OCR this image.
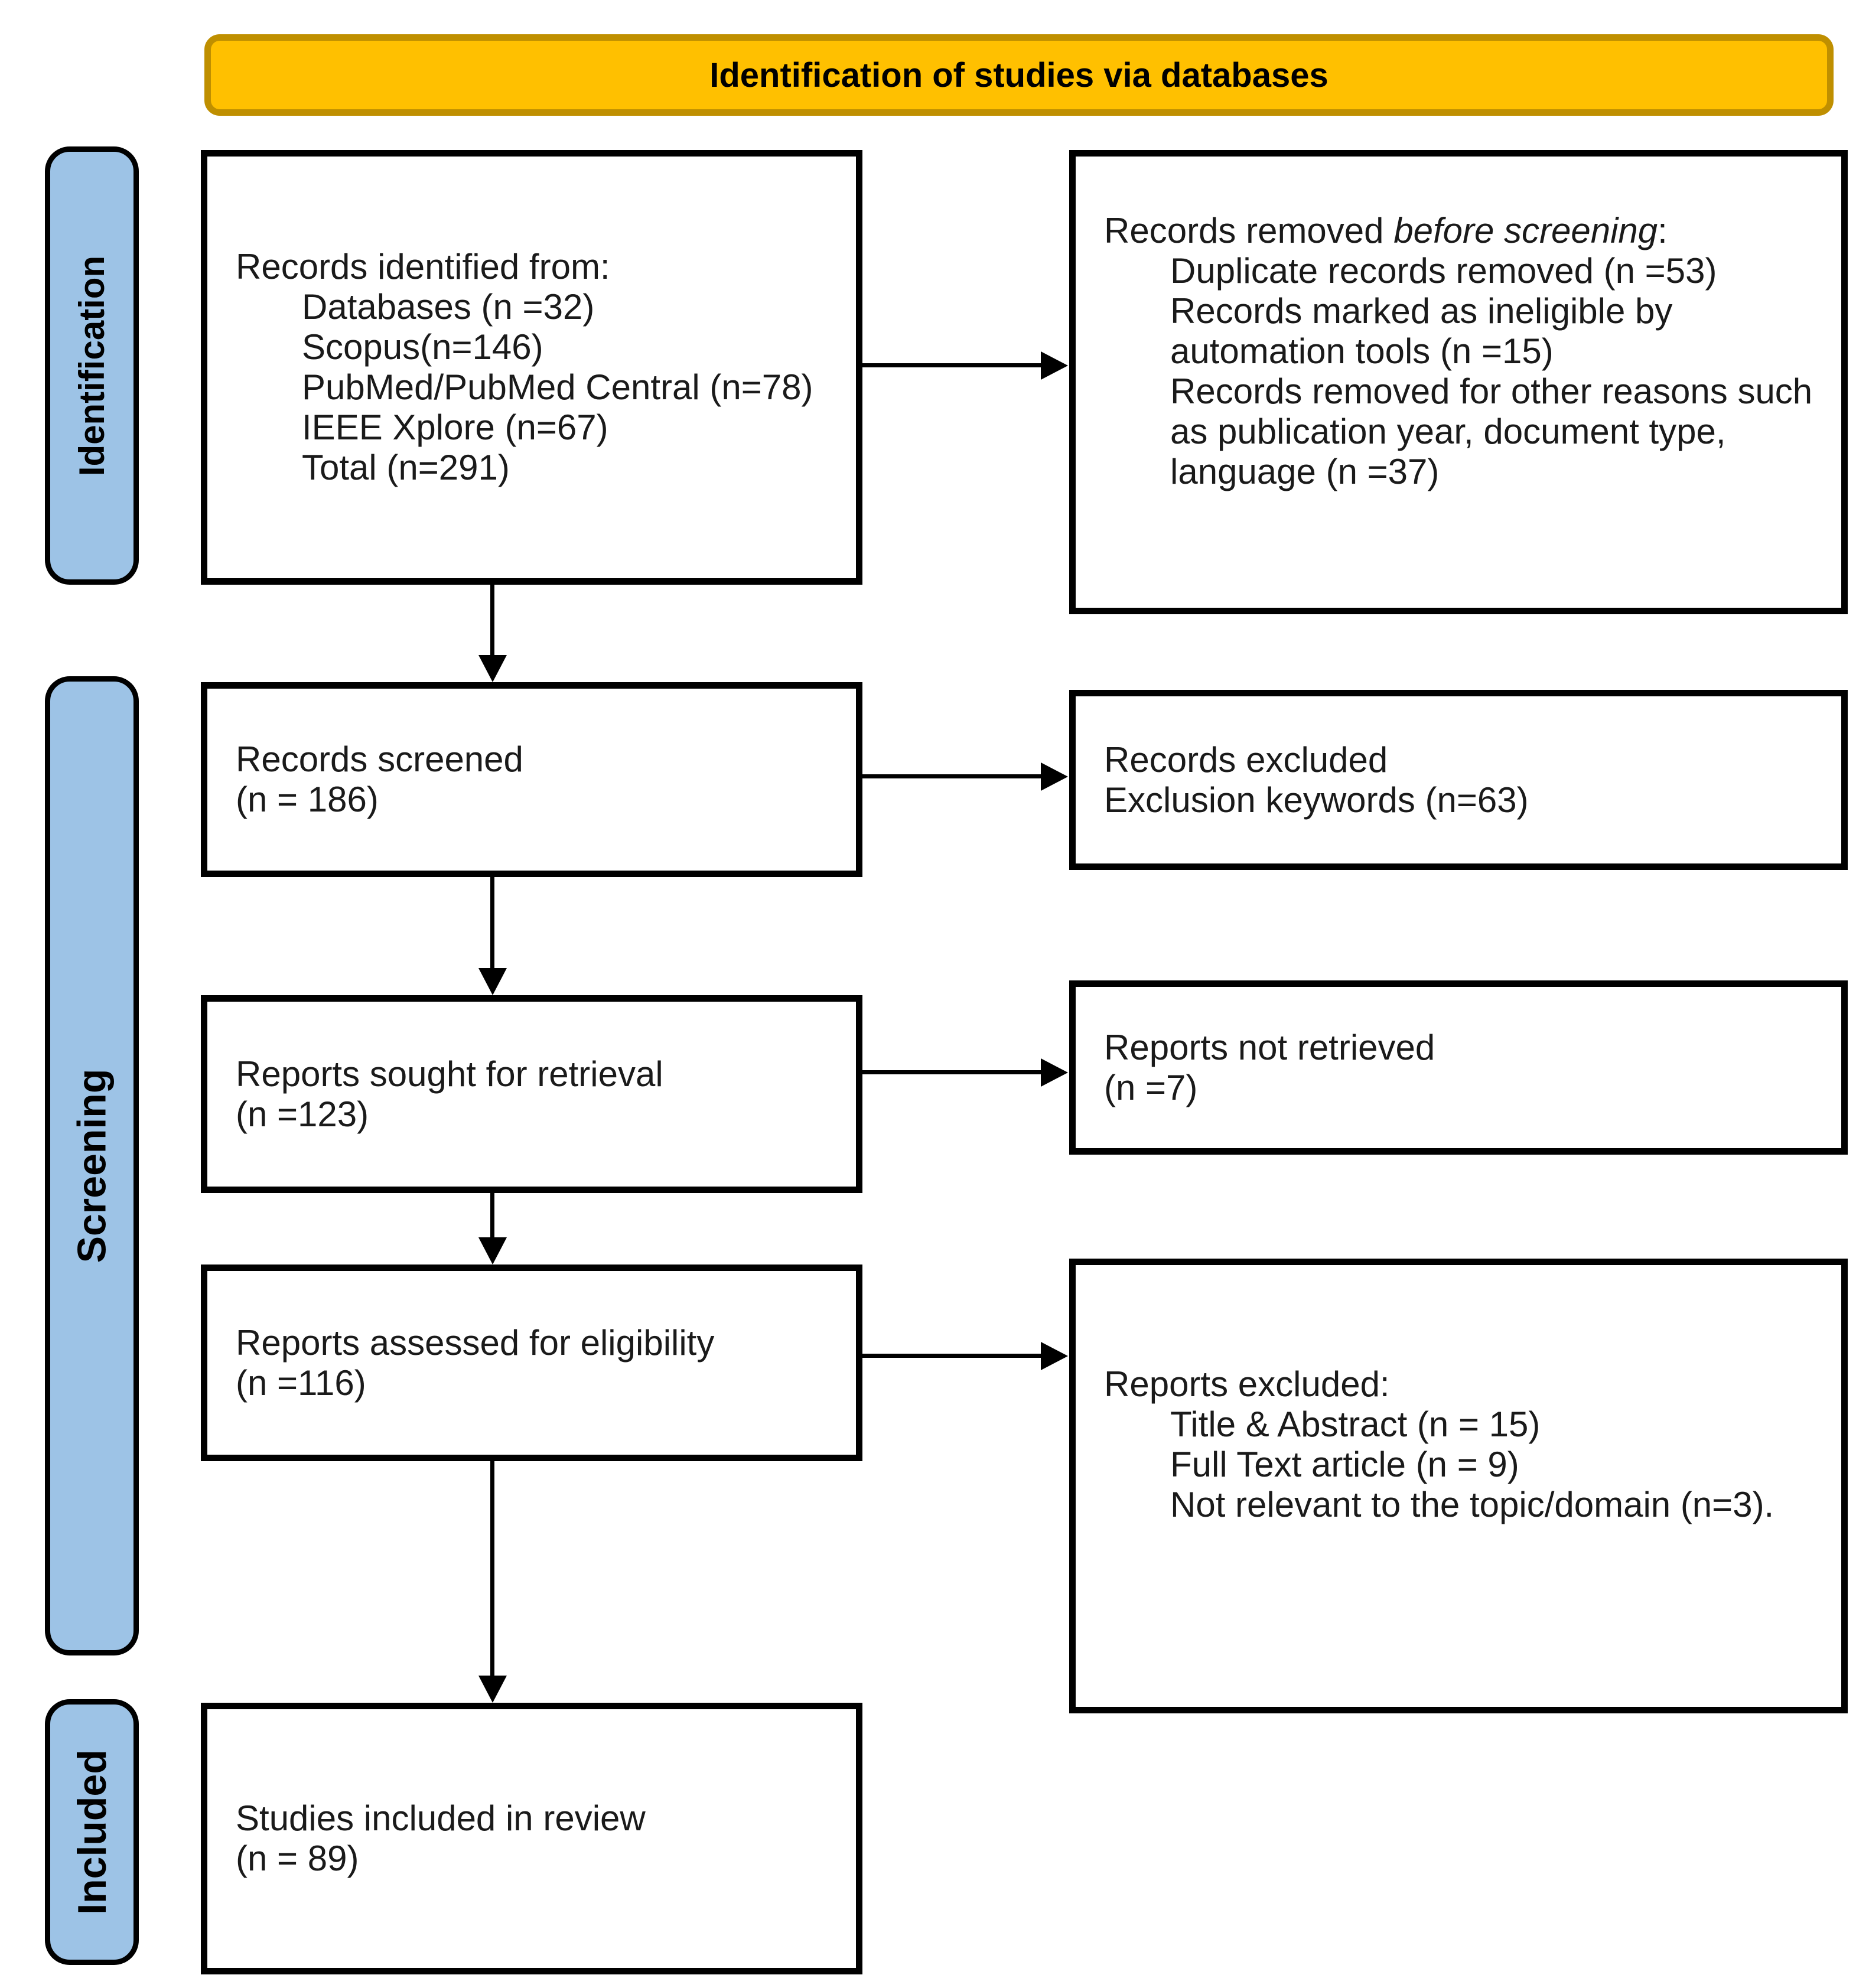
Identification of studies via databases
Identification
Screening
Included
Records identified from:
Databases (n =32)
Scopus(n=146)
PubMed/PubMed Central (n=78)
IEEE Xplore (n=67)
Total (n=291)
Records screened
(n = 186)
Reports sought for retrieval
(n =123)
Reports assessed for eligibility
(n =116)
Studies included in review
(n = 89)
Records removed before screening:
Duplicate records removed (n =53)
Records marked as ineligible by automation tools (n =15)
Records removed for other reasons such as publication year, document type, language (n =37)
Records excluded
Exclusion keywords (n=63)
Reports not retrieved
(n =7)
Reports excluded:
Title & Abstract (n = 15)
Full Text article (n = 9)
Not relevant to the topic/domain (n=3).
